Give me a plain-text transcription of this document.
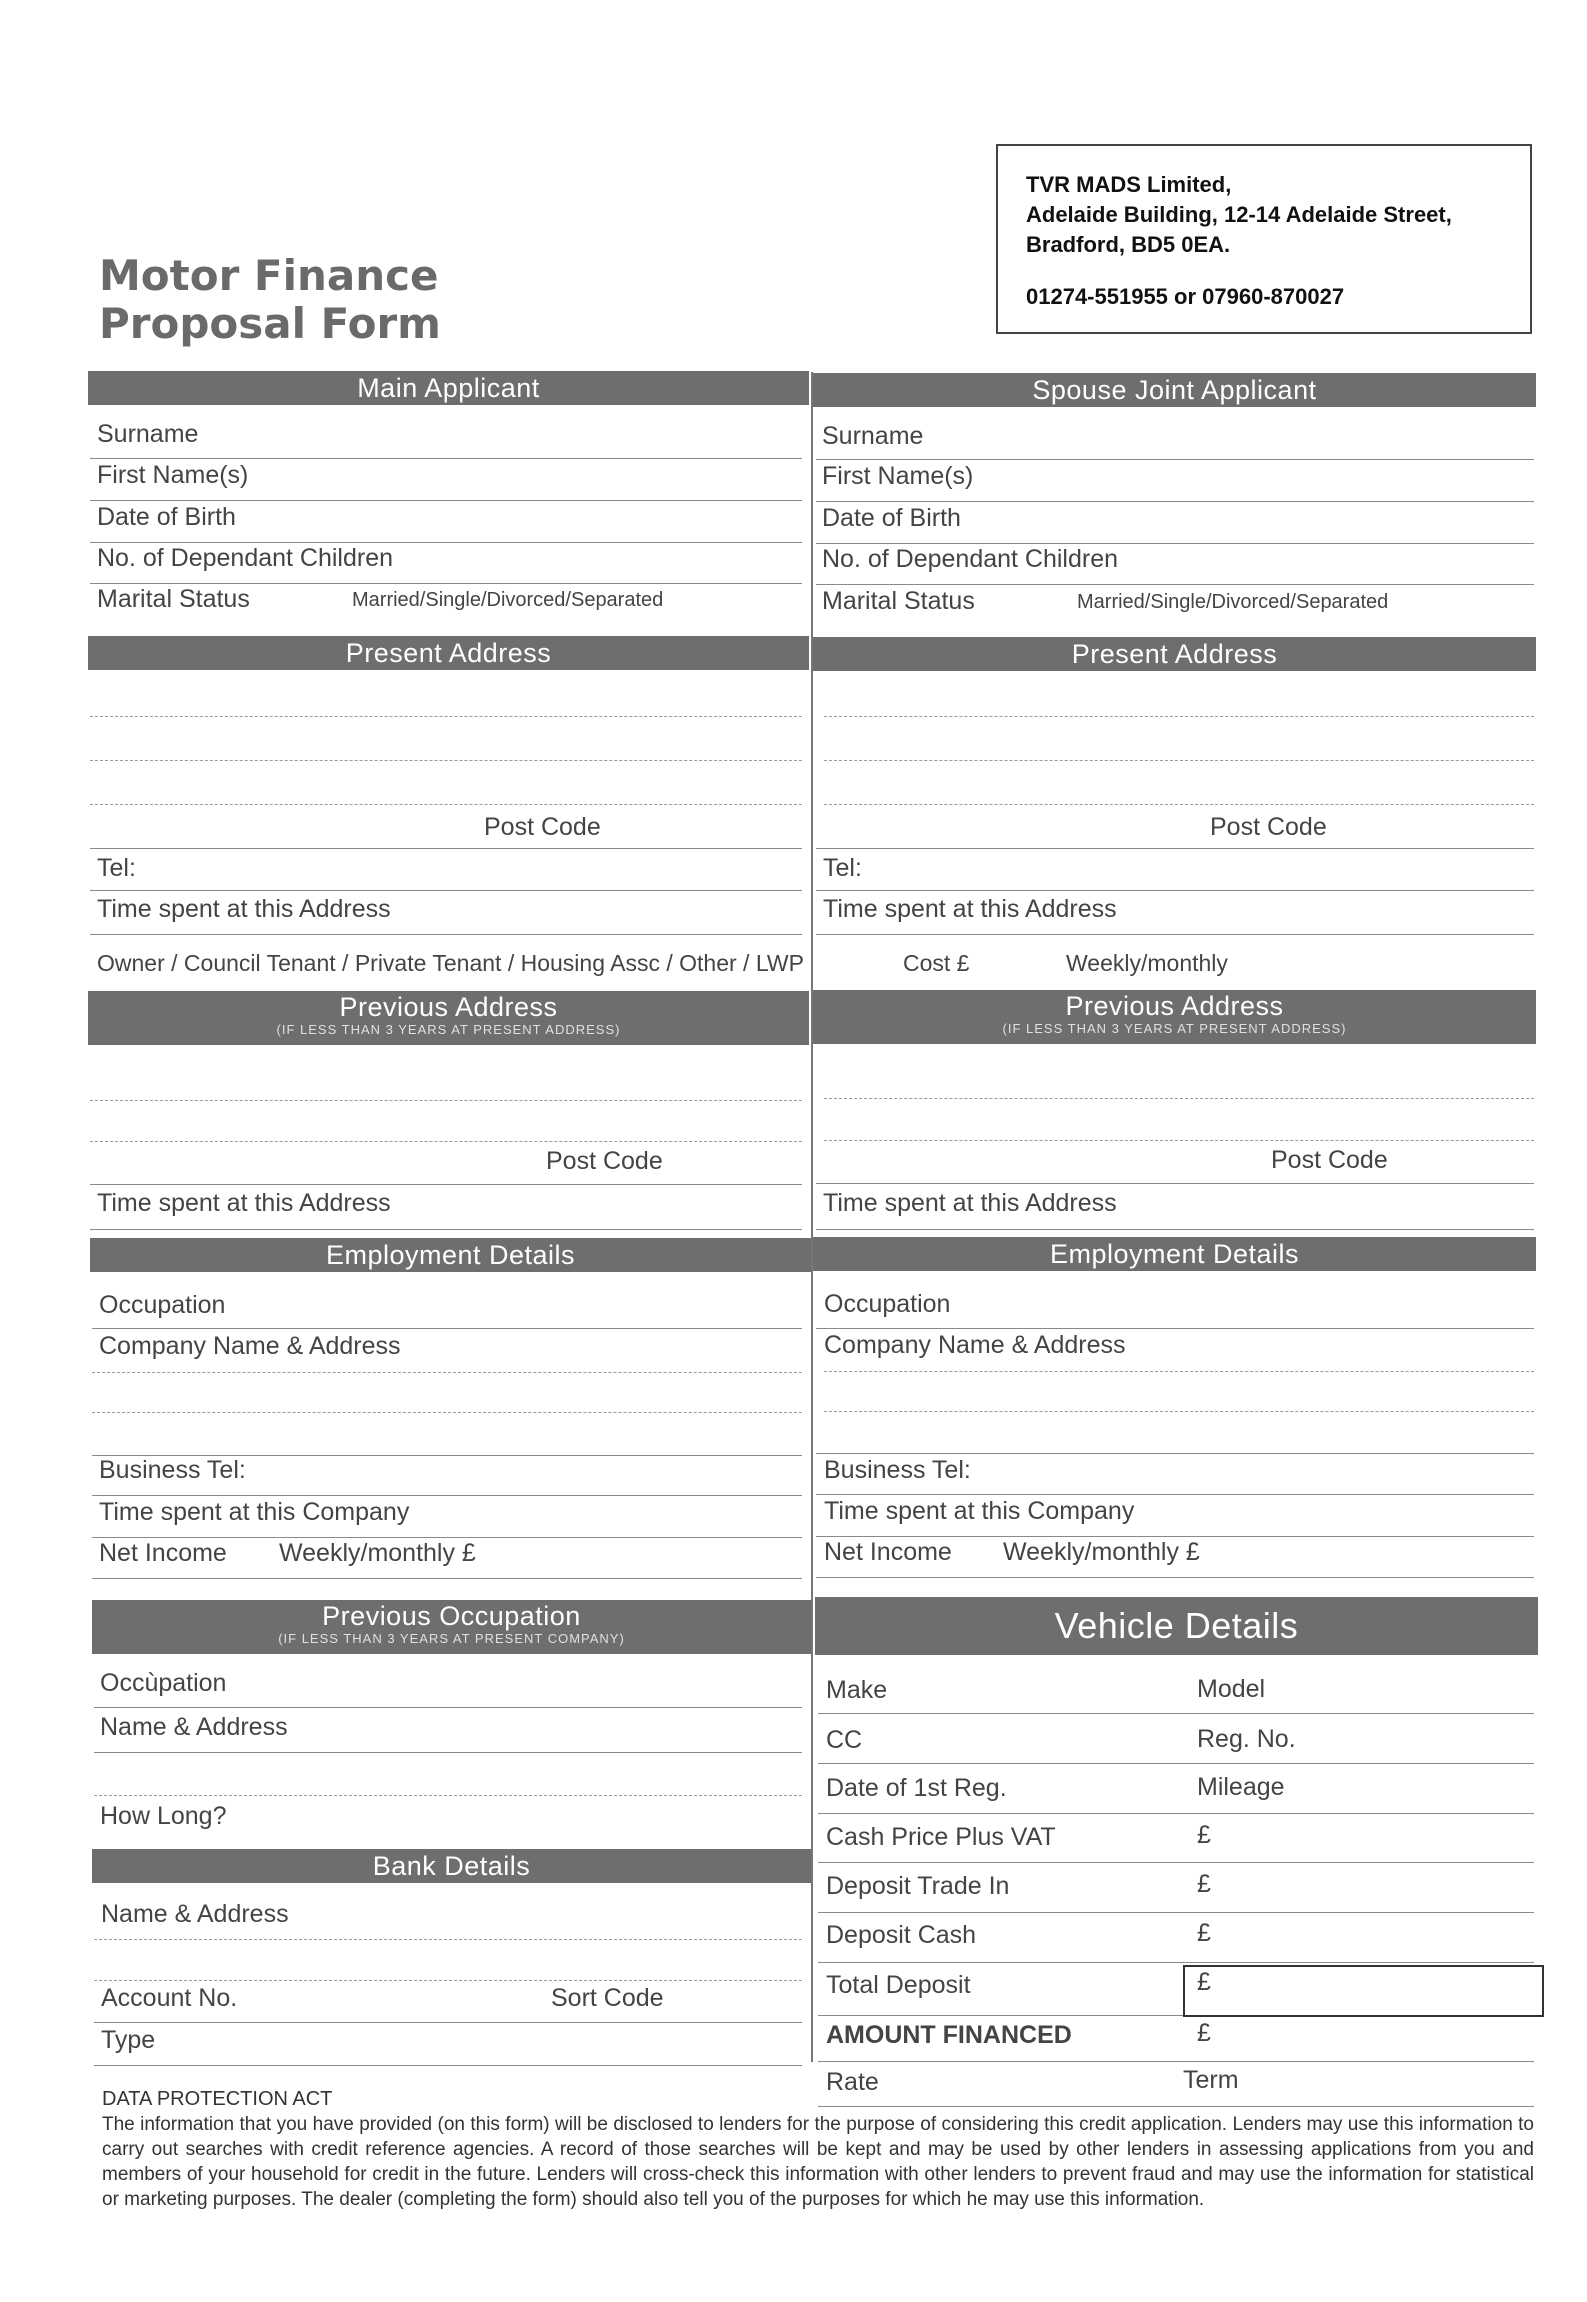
Motor Finance
Proposal Form
TVR MADS Limited,
Adelaide Building, 12-14 Adelaide Street,
Bradford, BD5 0EA.
01274-551955 or 07960-870027
Main Applicant
Surname
First Name(s)
Date of Birth
No. of Dependant Children
Marital Status	Married/Single/Divorced/Separated
Present Address
Post Code
Tel:
Time spent at this Address
Owner / Council Tenant / Private Tenant / Housing Assc / Other / LWP	Cost £	Weekly/monthly
Previous Address
(IF LESS THAN 3 YEARS AT PRESENT ADDRESS)
Post Code
Time spent at this Address
Employment Details
Occupation
Company Name & Address
Business Tel:
Time spent at this Company
Net Income Weekly/monthly £
Previous Occupation
(IF LESS THAN 3 YEARS AT PRESENT COMPANY)
Occùpation
Name & Address
How Long?
Bank Details
Name & Address
Account No.	Sort Code
Type
Spouse Joint Applicant
Surname
First Name(s)
Date of Birth
No. of Dependant Children
Marital Status	Married/Single/Divorced/Separated
Present Address
Post Code
Tel:
Time spent at this Address
Previous Address
(IF LESS THAN 3 YEARS AT PRESENT ADDRESS)
Post Code
Time spent at this Address
Employment Details
Occupation
Company Name & Address
Business Tel:
Time spent at this Company
Net Income Weekly/monthly £
Vehicle Details
Make	Model
CC	Reg. No.
Date of 1st Reg.	Mileage
Cash Price Plus VAT	£
Deposit Trade In	£
Deposit Cash	£
Total Deposit	£
AMOUNT FINANCED	£
Rate	Term
DATA PROTECTION ACT
The information that you have provided (on this form) will be disclosed to lenders for the purpose of considering this credit application. Lenders may use this information to carry out searches with credit reference agencies. A record of those searches will be kept and may be used by other lenders in assessing applications from you and members of your household for credit in the future. Lenders will cross-check this information with other lenders to prevent fraud and may use the information for statistical or marketing purposes. The dealer (completing the form) should also tell you of the purposes for which he may use this information.
